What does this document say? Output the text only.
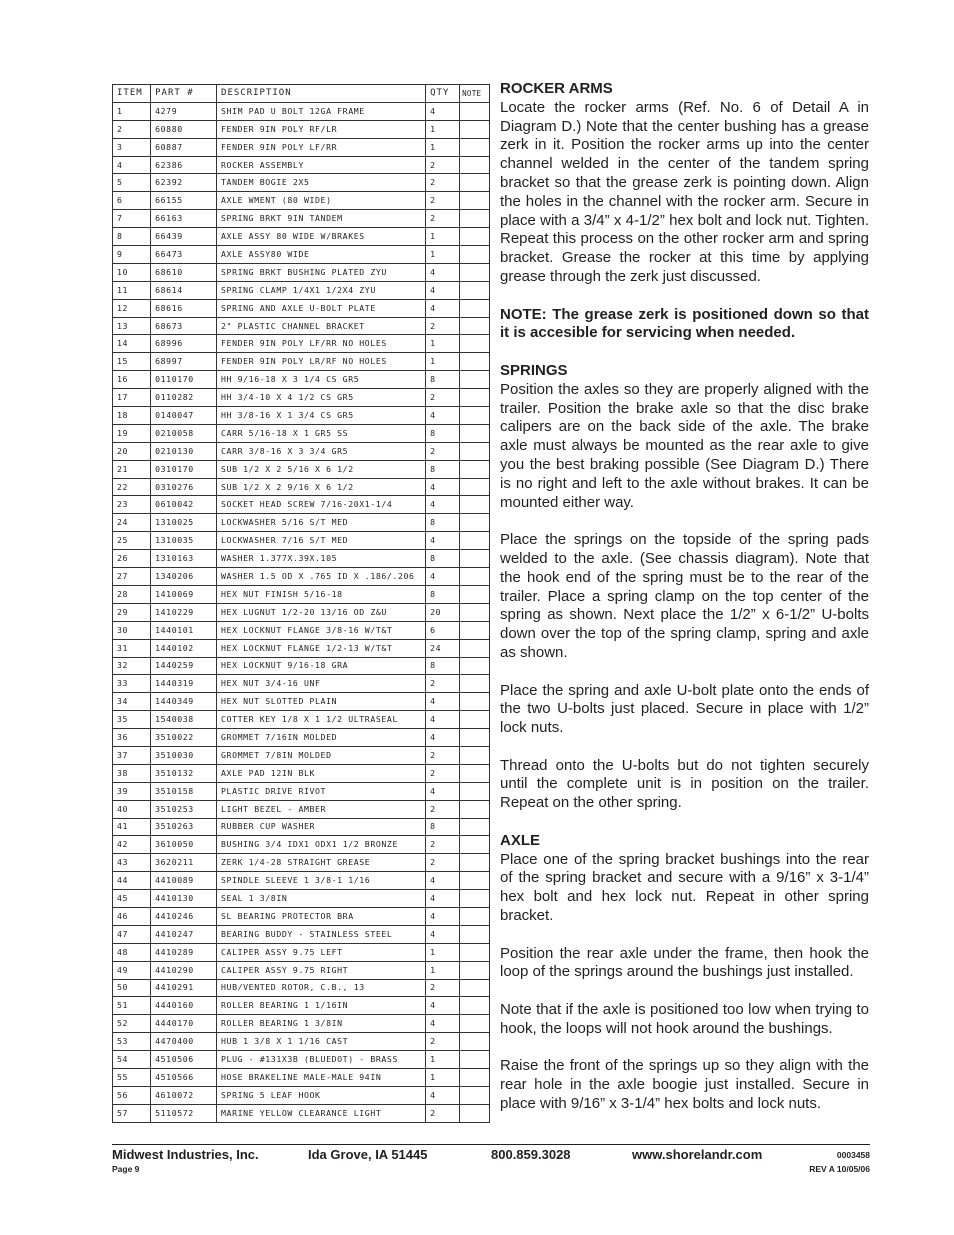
ITEM	PART #	DESCRIPTION	QTY	NOTE
1	4279	SHIM PAD U BOLT 12GA FRAME	4	
2	60880	FENDER 9IN POLY RF/LR	1	
3	60887	FENDER 9IN POLY LF/RR	1	
4	62386	ROCKER ASSEMBLY	2	
5	62392	TANDEM BOGIE 2X5	2	
6	66155	AXLE WMENT (80 WIDE)	2	
7	66163	SPRING BRKT 9IN TANDEM	2	
8	66439	AXLE ASSY 80 WIDE W/BRAKES	1	
9	66473	AXLE ASSY80 WIDE	1	
10	68610	SPRING BRKT BUSHING PLATED ZYU	4	
11	68614	SPRING CLAMP 1/4X1 1/2X4 ZYU	4	
12	68616	SPRING AND AXLE U-BOLT PLATE	4	
13	68673	2" PLASTIC CHANNEL BRACKET	2	
14	68996	FENDER 9IN POLY LF/RR NO HOLES	1	
15	68997	FENDER 9IN POLY LR/RF NO HOLES	1	
16	0110170	HH 9/16-18 X 3 1/4 CS GR5	8	
17	0110282	HH 3/4-10 X 4 1/2 CS GR5	2	
18	0140047	HH 3/8-16 X 1 3/4 CS GR5	4	
19	0210058	CARR 5/16-18 X 1 GR5 SS	8	
20	0210130	CARR 3/8-16 X 3 3/4 GR5	2	
21	0310170	SUB 1/2 X 2 5/16 X 6 1/2	8	
22	0310276	SUB 1/2 X 2 9/16 X 6 1/2	4	
23	0610042	SOCKET HEAD SCREW 7/16-20X1-1/4	4	
24	1310025	LOCKWASHER 5/16 S/T MED	8	
25	1310035	LOCKWASHER 7/16 S/T MED	4	
26	1310163	WASHER 1.377X.39X.105	8	
27	1340206	WASHER 1.5 OD X .765 ID X .186/.206	4	
28	1410069	HEX NUT FINISH 5/16-18	8	
29	1410229	HEX LUGNUT 1/2-20 13/16 OD Z&U	20	
30	1440101	HEX LOCKNUT FLANGE 3/8-16 W/T&T	6	
31	1440102	HEX LOCKNUT FLANGE 1/2-13 W/T&T	24	
32	1440259	HEX LOCKNUT 9/16-18 GRA	8	
33	1440319	HEX NUT 3/4-16 UNF	2	
34	1440349	HEX NUT SLOTTED PLAIN	4	
35	1540038	COTTER KEY 1/8 X 1 1/2 ULTRASEAL	4	
36	3510022	GROMMET 7/16IN MOLDED	4	
37	3510030	GROMMET 7/8IN MOLDED	2	
38	3510132	AXLE PAD 12IN BLK	2	
39	3510158	PLASTIC DRIVE RIVOT	4	
40	3510253	LIGHT BEZEL - AMBER	2	
41	3510263	RUBBER CUP WASHER	8	
42	3610050	BUSHING 3/4 IDX1 ODX1 1/2 BRONZE	2	
43	3620211	ZERK 1/4-28 STRAIGHT GREASE	2	
44	4410089	SPINDLE SLEEVE 1 3/8-1 1/16	4	
45	4410130	SEAL 1 3/8IN	4	
46	4410246	SL BEARING PROTECTOR BRA	4	
47	4410247	BEARING BUDDY - STAINLESS STEEL	4	
48	4410289	CALIPER ASSY 9.75 LEFT	1	
49	4410290	CALIPER ASSY 9.75 RIGHT	1	
50	4410291	HUB/VENTED ROTOR, C.B., 13	2	
51	4440160	ROLLER BEARING 1 1/16IN	4	
52	4440170	ROLLER BEARING 1 3/8IN	4	
53	4470400	HUB 1 3/8 X 1 1/16 CAST	2	
54	4510506	PLUG - #131X3B (BLUEDOT) - BRASS	1	
55	4510566	HOSE BRAKELINE MALE-MALE 94IN	1	
56	4610072	SPRING 5 LEAF HOOK	4	
57	5110572	MARINE YELLOW CLEARANCE LIGHT	2	
ROCKER ARMS

Locate the rocker arms (Ref. No. 6 of Detail A in Diagram D.) Note that the center bushing has a grease zerk in it. Position the rocker arms up into the center channel welded in the center of the tandem spring bracket so that the grease zerk is pointing down. Align the holes in the channel with the rocker arm. Secure in place with a 3/4” x 4-1/2” hex bolt and lock nut. Tighten. Repeat this process on the other rocker arm and spring bracket. Grease the rocker at this time by applying grease through the zerk just discussed.

NOTE: The grease zerk is positioned down so that it is accesible for servicing when needed.

SPRINGS

Position the axles so they are properly aligned with the trailer. Position the brake axle so that the disc brake calipers are on the back side of the axle. The brake axle must always be mounted as the rear axle to give you the best braking possible (See Diagram D.) There is no right and left to the axle without brakes. It can be mounted either way.

Place the springs on the topside of the spring pads welded to the axle. (See chassis diagram). Note that the hook end of the spring must be to the rear of the trailer. Place a spring clamp on the top center of the spring as shown. Next place the 1/2” x 6-1/2” U-bolts down over the top of the spring clamp, spring and axle as shown.

Place the spring and axle U-bolt plate onto the ends of the two U-bolts just placed. Secure in place with 1/2” lock nuts.

Thread onto the U-bolts but do not tighten securely until the complete unit is in position on the trailer. Repeat on the other spring.

AXLE

Place one of the spring bracket bushings into the rear of the spring bracket and secure with a 9/16” x 3-1/4” hex bolt and hex lock nut. Repeat in other spring bracket.

Position the rear axle under the frame, then hook the loop of the springs around the bushings just installed.

Note that if the axle is positioned too low when trying to hook, the loops will not hook around the bushings.

Raise the front of the springs up so they align with the rear hole in the axle boogie just installed. Secure in place with 9/16” x 3-1/4” hex bolts and lock nuts.

Midwest Industries, Inc.	Ida Grove, IA 51445	800.859.3028	www.shorelandr.com	0003458
Page 9	REV A 10/05/06
